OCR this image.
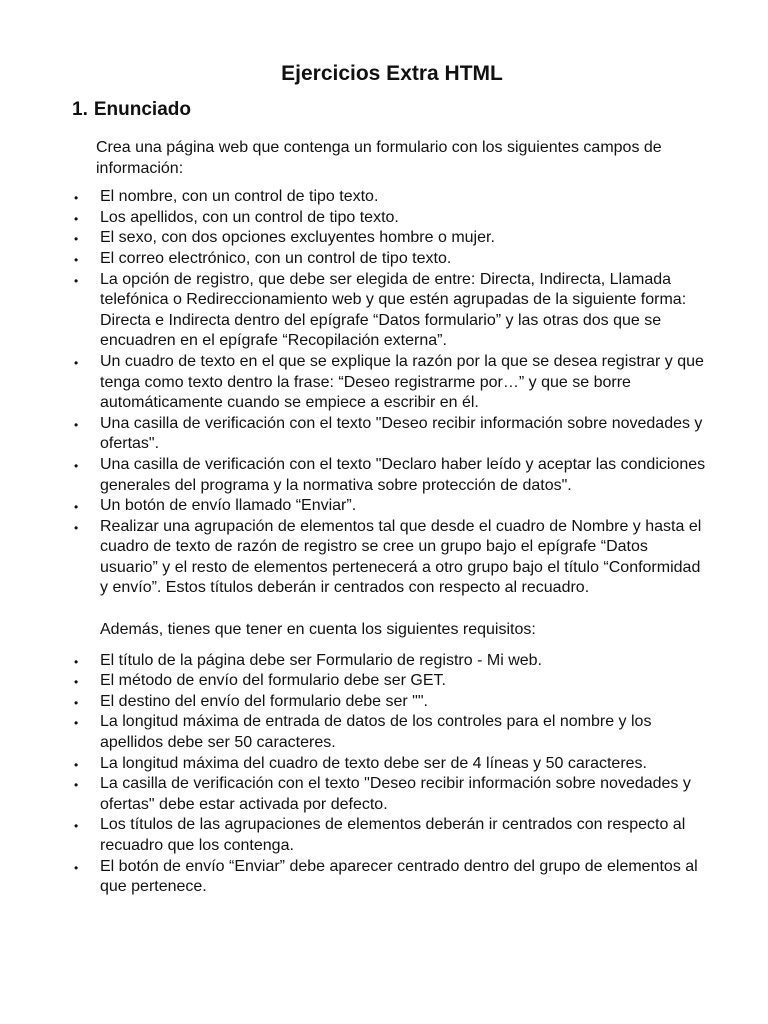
Ejercicios Extra HTML
1. Enunciado

Crea una página web que contenga un formulario con los siguientes campos de información:

• El nombre, con un control de tipo texto.
• Los apellidos, con un control de tipo texto.
• El sexo, con dos opciones excluyentes hombre o mujer.
• El correo electrónico, con un control de tipo texto.
• La opción de registro, que debe ser elegida de entre: Directa, Indirecta, Llamada telefónica o Redireccionamiento web y que estén agrupadas de la siguiente forma: Directa e Indirecta dentro del epígrafe “Datos formulario” y las otras dos que se encuadren en el epígrafe “Recopilación externa”.
• Un cuadro de texto en el que se explique la razón por la que se desea registrar y que tenga como texto dentro la frase: “Deseo registrarme por…” y que se borre automáticamente cuando se empiece a escribir en él.
• Una casilla de verificación con el texto "Deseo recibir información sobre novedades y ofertas".
• Una casilla de verificación con el texto "Declaro haber leído y aceptar las condiciones generales del programa y la normativa sobre protección de datos".
• Un botón de envío llamado “Enviar”.
• Realizar una agrupación de elementos tal que desde el cuadro de Nombre y hasta el cuadro de texto de razón de registro se cree un grupo bajo el epígrafe “Datos usuario” y el resto de elementos pertenecerá a otro grupo bajo el título “Conformidad y envío”. Estos títulos deberán ir centrados con respecto al recuadro.

Además, tienes que tener en cuenta los siguientes requisitos:

• El título de la página debe ser Formulario de registro - Mi web.
• El método de envío del formulario debe ser GET.
• El destino del envío del formulario debe ser "".
• La longitud máxima de entrada de datos de los controles para el nombre y los apellidos debe ser 50 caracteres.
• La longitud máxima del cuadro de texto debe ser de 4 líneas y 50 caracteres.
• La casilla de verificación con el texto "Deseo recibir información sobre novedades y ofertas" debe estar activada por defecto.
• Los títulos de las agrupaciones de elementos deberán ir centrados con respecto al recuadro que los contenga.
• El botón de envío “Enviar” debe aparecer centrado dentro del grupo de elementos al que pertenece.
